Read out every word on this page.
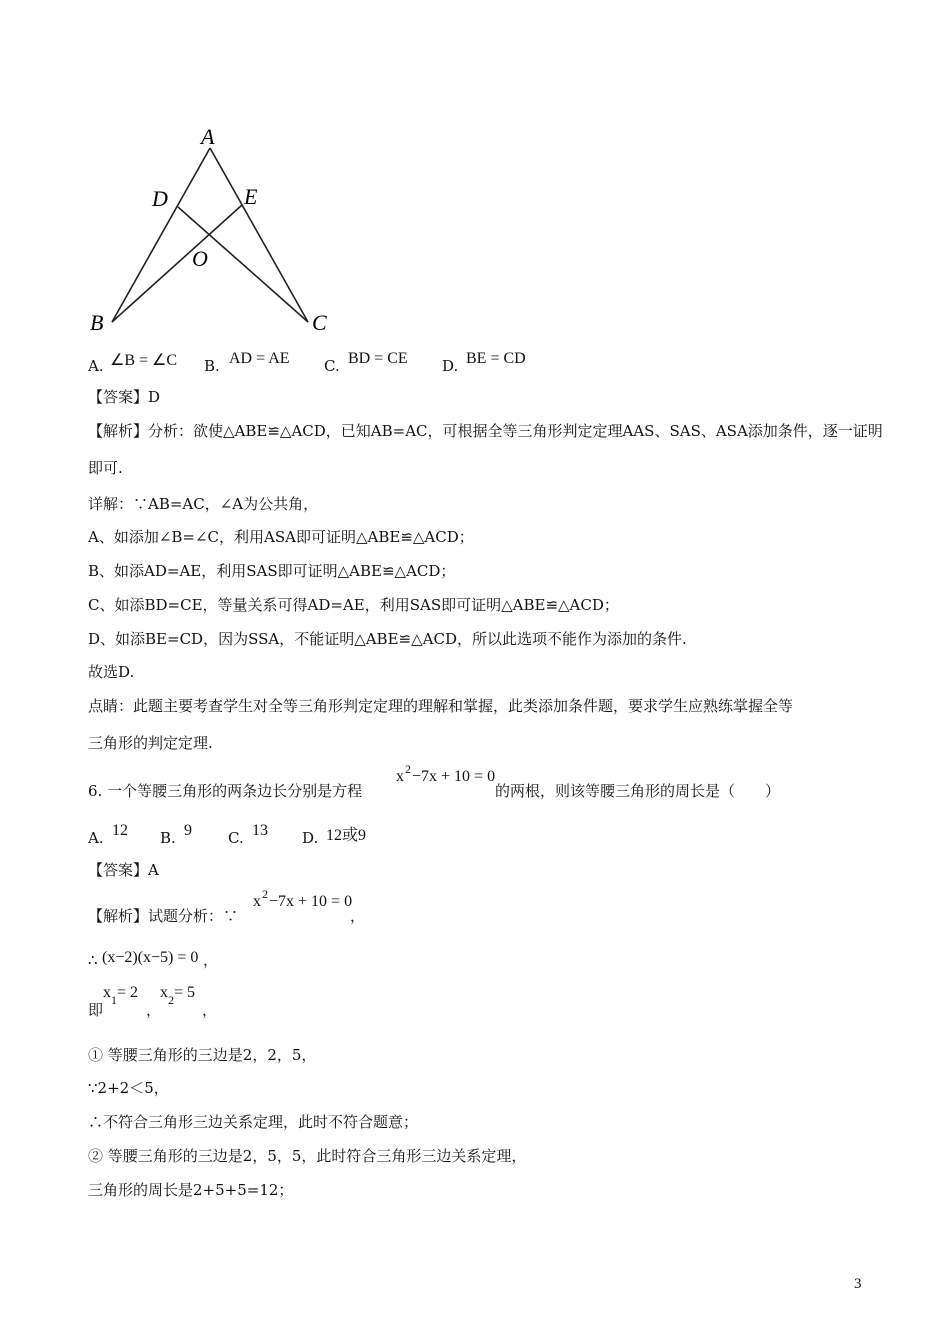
A
D	E
O
B	C
A. ∠B = ∠C B. AD = AE C. BD = CE D. BE = CD
【答案】D
【解析】分析：欲使△ABE≌△ACD，已知AB=AC，可根据全等三角形判定定理AAS、SAS、ASA添加条件，逐一证明
即可.
详解：∵AB=AC，∠A为公共角，
A、如添加∠B=∠C，利用ASA即可证明△ABE≌△ACD；
B、如添AD=AE，利用SAS即可证明△ABE≌△ACD；
C、如添BD=CE，等量关系可得AD=AE，利用SAS即可证明△ABE≌△ACD；
D、如添BE=CD，因为SSA，不能证明△ABE≌△ACD，所以此选项不能作为添加的条件.
故选D.
点睛：此题主要考查学生对全等三角形判定定理的理解和掌握，此类添加条件题，要求学生应熟练掌握全等
三角形的判定定理.
6. 一个等腰三角形的两条边长分别是方程
x 2 −7x + 10 = 0
的两根，则该等腰三角形的周长是（　　）
A. 12 B. 9 C. 13 D. 12或9
【答案】A
【解析】试题分析：∵
x 2 −7x + 10 = 0
，
∴ (x−2)(x−5) = 0 ，
即
x 1 = 2
，
x 2 = 5
，
① 等腰三角形的三边是2，2，5，
∵2+2＜5，
∴不符合三角形三边关系定理，此时不符合题意；
② 等腰三角形的三边是2，5，5，此时符合三角形三边关系定理，
三角形的周长是2+5+5=12；
3
